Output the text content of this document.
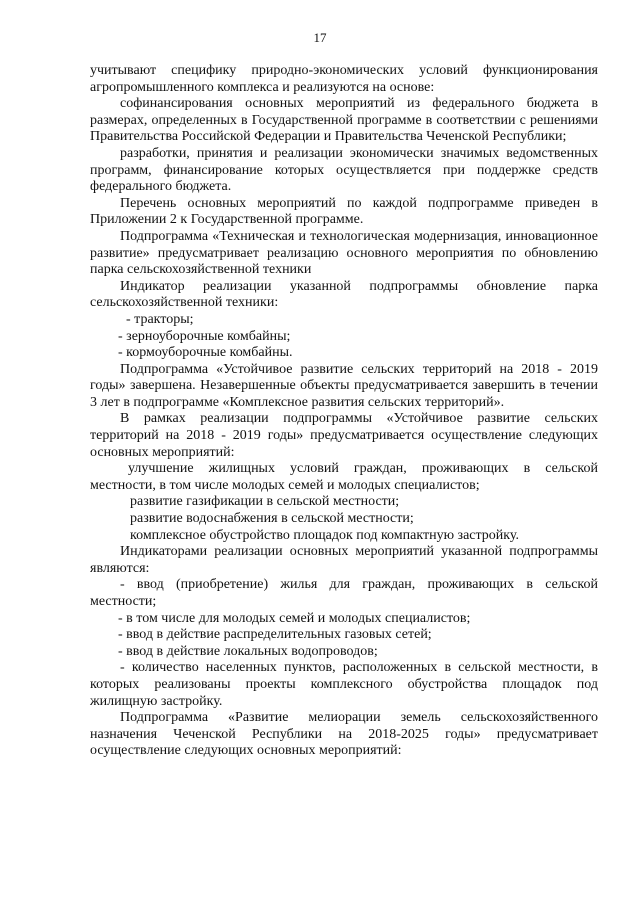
17

учитывают специфику природно-экономических условий функционирования агропромышленного комплекса и реализуются на основе:

софинансирования основных мероприятий из федерального бюджета в размерах, определенных в Государственной программе в соответствии с решениями Правительства Российской Федерации и Правительства Чеченской Республики;

разработки, принятия и реализации экономически значимых ведомственных программ, финансирование которых осуществляется при поддержке средств федерального бюджета.

Перечень основных мероприятий по каждой подпрограмме приведен в Приложении 2 к Государственной программе.

Подпрограмма «Техническая и технологическая модернизация, инновационное развитие» предусматривает реализацию основного мероприятия по обновлению парка сельскохозяйственной техники

Индикатор реализации указанной подпрограммы обновление парка сельскохозяйственной техники:

- тракторы;

- зерноуборочные комбайны;

- кормоуборочные комбайны.

Подпрограмма «Устойчивое развитие сельских территорий на 2018 - 2019 годы» завершена. Незавершенные объекты предусматривается завершить в течении 3 лет в подпрограмме «Комплексное развития сельских территорий».

В рамках реализации подпрограммы «Устойчивое развитие сельских территорий на 2018 - 2019 годы» предусматривается осуществление следующих основных мероприятий:

улучшение жилищных условий граждан, проживающих в сельской местности, в том числе молодых семей и молодых специалистов;

развитие газификации в сельской местности;

развитие водоснабжения в сельской местности;

комплексное обустройство площадок под компактную застройку.

Индикаторами реализации основных мероприятий указанной подпрограммы являются:

- ввод (приобретение) жилья для граждан, проживающих в сельской местности;

- в том числе для молодых семей и молодых специалистов;

- ввод в действие распределительных газовых сетей;

- ввод в действие локальных водопроводов;

- количество населенных пунктов, расположенных в сельской местности, в которых реализованы проекты комплексного обустройства площадок под жилищную застройку.

Подпрограмма «Развитие мелиорации земель сельскохозяйственного назначения Чеченской Республики на 2018-2025 годы» предусматривает осуществление следующих основных мероприятий:
